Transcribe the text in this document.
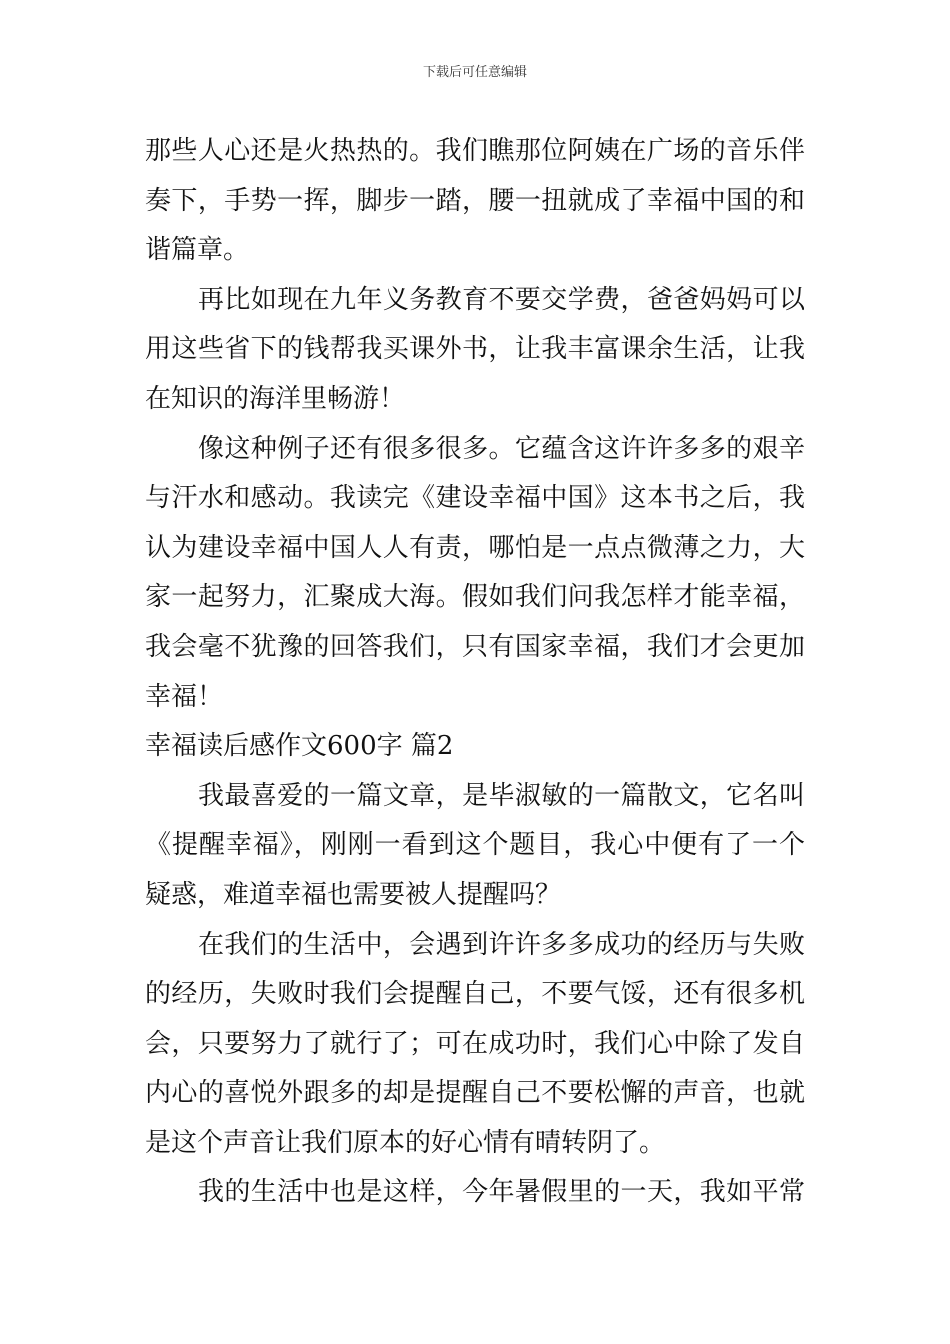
下载后可任意编辑
那些人心还是火热热的。我们瞧那位阿姨在广场的音乐伴
奏下，手势一挥，脚步一踏，腰一扭就成了幸福中国的和
谐篇章。
再比如现在九年义务教育不要交学费，爸爸妈妈可以
用这些省下的钱帮我买课外书，让我丰富课余生活，让我
在知识的海洋里畅游！
像这种例子还有很多很多。它蕴含这许许多多的艰辛
与汗水和感动。我读完《建设幸福中国》这本书之后，我
认为建设幸福中国人人有责，哪怕是一点点微薄之力，大
家一起努力，汇聚成大海。假如我们问我怎样才能幸福，
我会毫不犹豫的回答我们，只有国家幸福，我们才会更加
幸福！
幸福读后感作文600字 篇2
我最喜爱的一篇文章，是毕淑敏的一篇散文，它名叫
《提醒幸福》，刚刚一看到这个题目，我心中便有了一个
疑惑，难道幸福也需要被人提醒吗？
在我们的生活中，会遇到许许多多成功的经历与失败
的经历，失败时我们会提醒自己，不要气馁，还有很多机
会，只要努力了就行了；可在成功时，我们心中除了发自
内心的喜悦外跟多的却是提醒自己不要松懈的声音，也就
是这个声音让我们原本的好心情有晴转阴了。
我的生活中也是这样，今年暑假里的一天，我如平常
